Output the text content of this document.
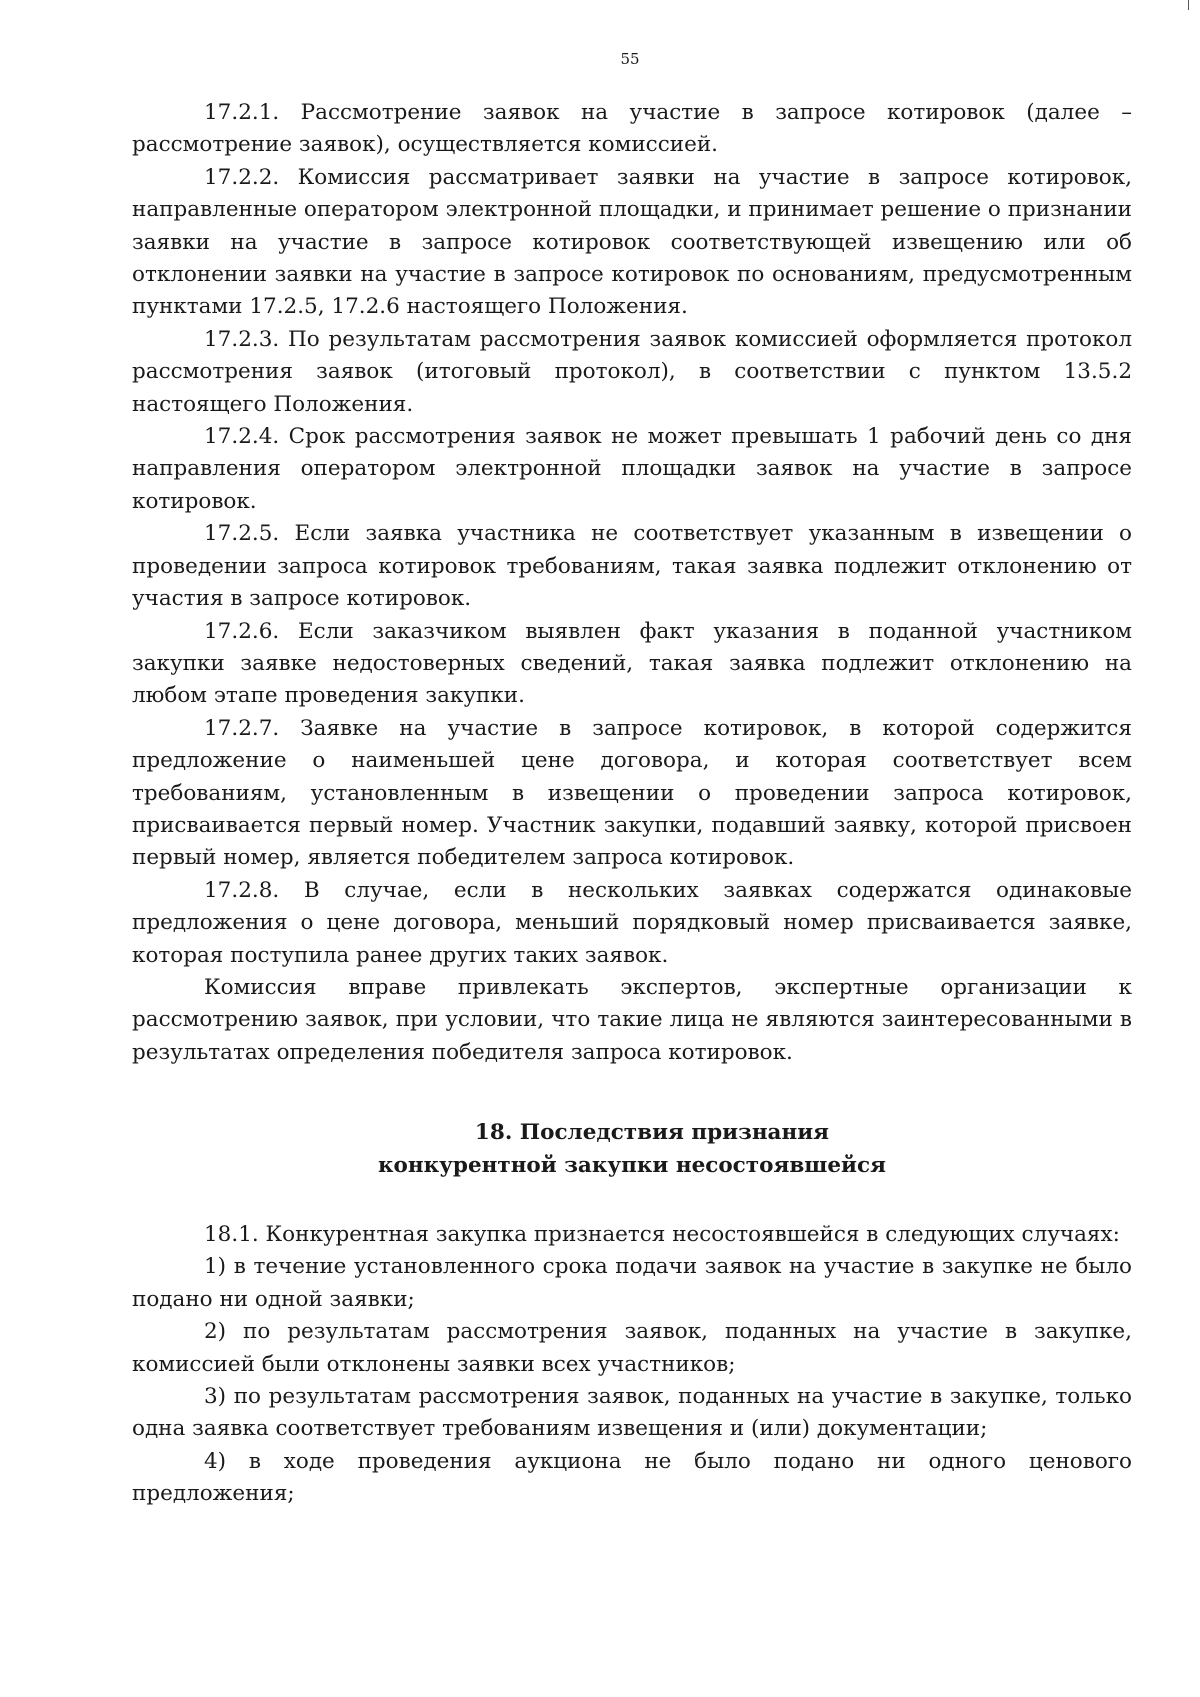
55

17.2.1. Рассмотрение заявок на участие в запросе котировок (далее – рассмотрение заявок), осуществляется комиссией.

17.2.2. Комиссия рассматривает заявки на участие в запросе котировок, направленные оператором электронной площадки, и принимает решение о признании заявки на участие в запросе котировок соответствующей извещению или об отклонении заявки на участие в запросе котировок по основаниям, предусмотренным пунктами 17.2.5, 17.2.6 настоящего Положения.

17.2.3. По результатам рассмотрения заявок комиссией оформляется протокол рассмотрения заявок (итоговый протокол), в соответствии с пунктом 13.5.2 настоящего Положения.

17.2.4. Срок рассмотрения заявок не может превышать 1 рабочий день со дня направления оператором электронной площадки заявок на участие в запросе котировок.

17.2.5. Если заявка участника не соответствует указанным в извещении о проведении запроса котировок требованиям, такая заявка подлежит отклонению от участия в запросе котировок.

17.2.6. Если заказчиком выявлен факт указания в поданной участником закупки заявке недостоверных сведений, такая заявка подлежит отклонению на любом этапе проведения закупки.

17.2.7. Заявке на участие в запросе котировок, в которой содержится предложение о наименьшей цене договора, и которая соответствует всем требованиям, установленным в извещении о проведении запроса котировок, присваивается первый номер. Участник закупки, подавший заявку, которой присвоен первый номер, является победителем запроса котировок.

17.2.8. В случае, если в нескольких заявках содержатся одинаковые предложения о цене договора, меньший порядковый номер присваивается заявке, которая поступила ранее других таких заявок.

Комиссия вправе привлекать экспертов, экспертные организации к рассмотрению заявок, при условии, что такие лица не являются заинтересованными в результатах определения победителя запроса котировок.

18. Последствия признания
конкурентной закупки несостоявшейся

18.1. Конкурентная закупка признается несостоявшейся в следующих случаях:

1) в течение установленного срока подачи заявок на участие в закупке не было подано ни одной заявки;

2) по результатам рассмотрения заявок, поданных на участие в закупке, комиссией были отклонены заявки всех участников;

3) по результатам рассмотрения заявок, поданных на участие в закупке, только одна заявка соответствует требованиям извещения и (или) документации;

4) в ходе проведения аукциона не было подано ни одного ценового предложения;
